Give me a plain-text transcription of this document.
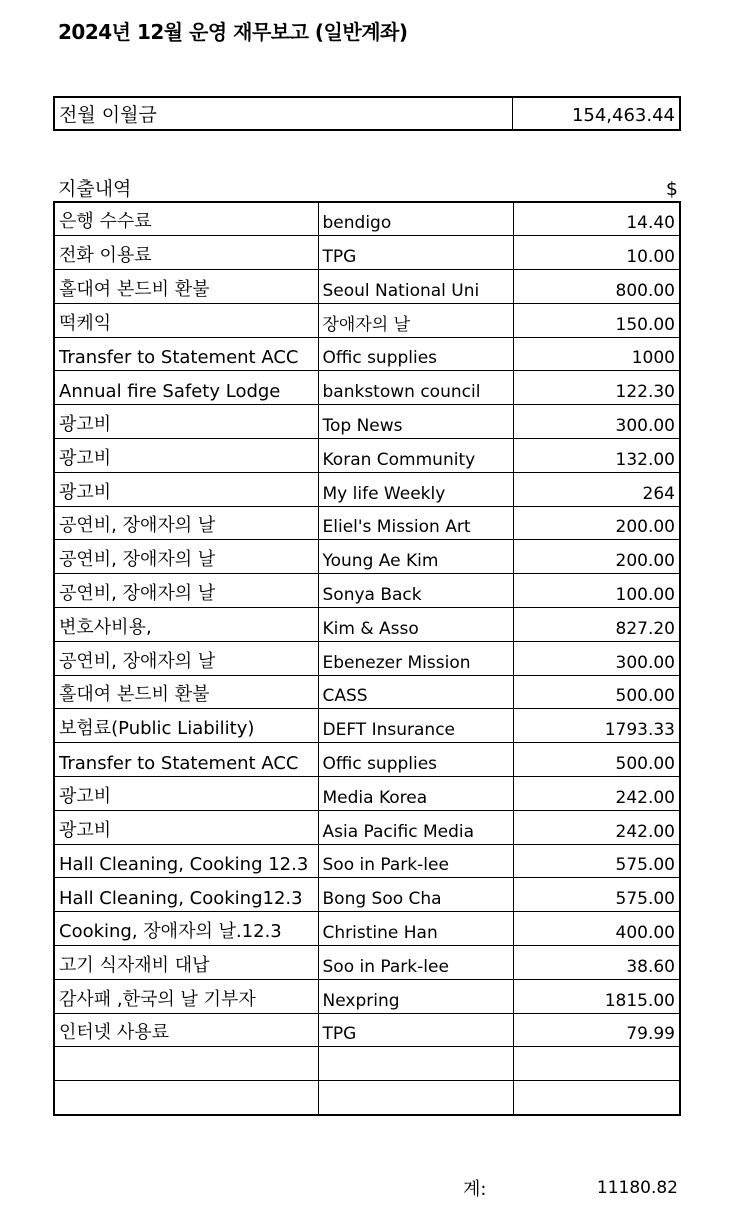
2024년 12월 운영 재무보고 (일반계좌)
전월 이월금	154,463.44
지출내역	$
은행 수수료	bendigo	14.40
전화 이용료	TPG	10.00
홀대여 본드비 환불	Seoul National Uni	800.00
떡케익	장애자의 날	150.00
Transfer to Statement ACC	Offic supplies	1000
Annual fire Safety Lodge	bankstown council	122.30
광고비	Top News	300.00
광고비	Koran Community	132.00
광고비	My life Weekly	264
공연비, 장애자의 날	Eliel's Mission Art	200.00
공연비, 장애자의 날	Young Ae Kim	200.00
공연비, 장애자의 날	Sonya Back	100.00
변호사비용,	Kim & Asso	827.20
공연비, 장애자의 날	Ebenezer Mission	300.00
홀대여 본드비 환불	CASS	500.00
보험료(Public Liability)	DEFT Insurance	1793.33
Transfer to Statement ACC	Offic supplies	500.00
광고비	Media Korea	242.00
광고비	Asia Pacific Media	242.00
Hall Cleaning, Cooking 12.3	Soo in Park-lee	575.00
Hall Cleaning, Cooking12.3	Bong Soo Cha	575.00
Cooking, 장애자의 날.12.3	Christine Han	400.00
고기 식자재비 대납	Soo in Park-lee	38.60
감사패 ,한국의 날 기부자	Nexpring	1815.00
인터넷 사용료	TPG	79.99

계:	11180.82
